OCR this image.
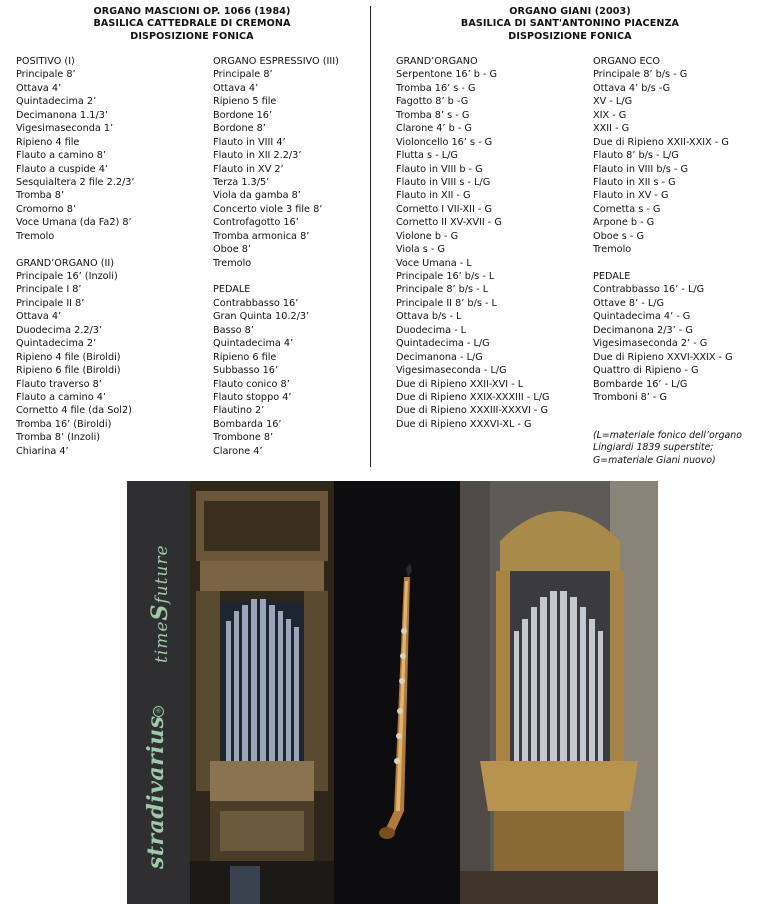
ORGANO MASCIONI OP. 1066 (1984)
BASILICA CATTEDRALE DI CREMONA
DISPOSIZIONE FONICA
ORGANO GIANI (2003)
BASILICA DI SANT'ANTONINO PIACENZA
DISPOSIZIONE FONICA
POSITIVO (I)
Principale 8’
Ottava 4’
Quintadecima 2’
Decimanona 1.1/3’
Vigesimaseconda 1’
Ripieno 4 file
Flauto a camino 8’
Flauto a cuspide 4’
Sesquialtera 2 file 2.2/3’
Tromba 8’
Cromorno 8’
Voce Umana (da Fa2) 8’
Tremolo
GRAND’ORGANO (II)
Principale 16’ (Inzoli)
Principale I 8’
Principale II 8’
Ottava 4’
Duodecima 2.2/3’
Quintadecima 2’
Ripieno 4 file (Biroldi)
Ripieno 6 file (Biroldi)
Flauto traverso 8’
Flauto a camino 4’
Cornetto 4 file (da Sol2)
Tromba 16’ (Biroldi)
Tromba 8’ (Inzoli)
Chiarina 4’
ORGANO ESPRESSIVO (III)
Principale 8’
Ottava 4’
Ripieno 5 file
Bordone 16’
Bordone 8’
Flauto in VIII 4’
Flauto in XII 2.2/3’
Flauto in XV 2’
Terza 1.3/5’
Viola da gamba 8’
Concerto viole 3 file 8’
Controfagotto 16’
Tromba armonica 8’
Oboe 8’
Tremolo
PEDALE
Contrabbasso 16’
Gran Quinta 10.2/3’
Basso 8’
Quintadecima 4’
Ripieno 6 file
Subbasso 16’
Flauto conico 8’
Flauto stoppo 4’
Flautino 2’
Bombarda 16’
Trombone 8’
Clarone 4’
GRAND’ORGANO
Serpentone 16’ b - G
Tromba 16’ s - G
Fagotto 8’ b -G
Tromba 8’ s - G
Clarone 4’ b - G
Violoncello 16’ s - G
Flutta s - L/G
Flauto in VIII b - G
Flauto in VIII s - L/G
Flauto in XII - G
Cornetto I VII-XII - G
Cornetto II XV-XVII - G
Violone b - G
Viola s - G
Voce Umana - L
Principale 16’ b/s - L
Principale 8’ b/s - L
Principale II 8’ b/s - L
Ottava b/s - L
Duodecima - L
Quintadecima - L/G
Decimanona - L/G
Vigesimaseconda - L/G
Due di Ripieno XXII-XVI - L
Due di Ripieno XXIX-XXXIII - L/G
Due di Ripieno XXXIII-XXXVI - G
Due di Ripieno XXXVI-XL - G
ORGANO ECO
Principale 8’ b/s - G
Ottava 4’ b/s -G
XV - L/G
XIX - G
XXII - G
Due di Ripieno XXII-XXIX - G
Flauto 8’ b/s - L/G
Flauto in VIII b/s - G
Flauto in XII s - G
Flauto in XV - G
Cornetta s - G
Arpone b - G
Oboe s - G
Tremolo
PEDALE
Contrabbasso 16’ - L/G
Ottave 8’ - L/G
Quintadecima 4’ - G
Decimanona 2/3’ - G
Vigesimaseconda 2’ - G
Due di Ripieno XXVI-XXIX - G
Quattro di Ripieno - G
Bombarde 16’ - L/G
Tromboni 8’ - G
(L=materiale fonico dell’organo
Lingiardi 1839 superstite;
G=materiale Giani nuovo)
timeSfuture
®
stradivarius
